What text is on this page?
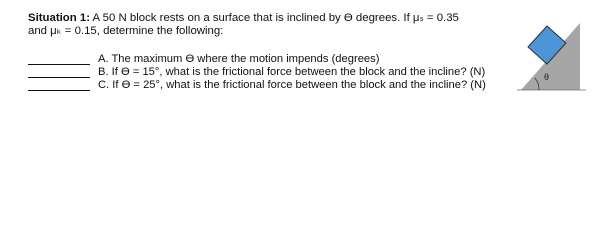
Situation 1: A 50 N block rests on a surface that is inclined by ϴ degrees. If μₛ = 0.35
and μₖ = 0.15, determine the following:

A. The maximum ϴ where the motion impends (degrees)
B. If ϴ = 15°, what is the frictional force between the block and the incline? (N)
C. If ϴ = 25°, what is the frictional force between the block and the incline? (N)
θ
